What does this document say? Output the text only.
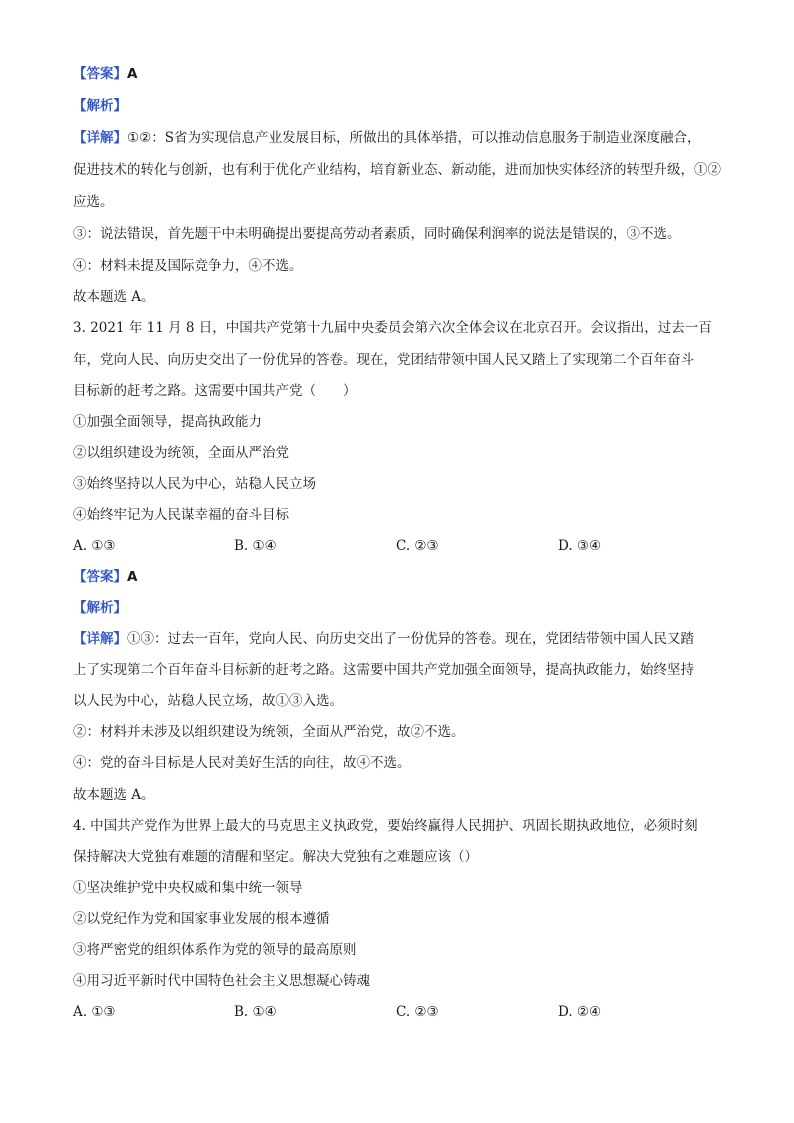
【答案】A
【解析】
【详解】①②：S省为实现信息产业发展目标，所做出的具体举措，可以推动信息服务于制造业深度融合，
促进技术的转化与创新，也有利于优化产业结构，培育新业态、新动能，进而加快实体经济的转型升级，①②
应选。
③：说法错误，首先题干中未明确提出要提高劳动者素质，同时确保利润率的说法是错误的，③不选。
④：材料未提及国际竞争力，④不选。
故本题选 A。
3. 2021 年 11 月 8 日，中国共产党第十九届中央委员会第六次全体会议在北京召开。会议指出，过去一百
年，党向人民、向历史交出了一份优异的答卷。现在，党团结带领中国人民又踏上了实现第二个百年奋斗
目标新的赶考之路。这需要中国共产党（　　）
①加强全面领导，提高执政能力
②以组织建设为统领，全面从严治党
③始终坚持以人民为中心，站稳人民立场
④始终牢记为人民谋幸福的奋斗目标
A. ①③	B. ①④	C. ②③	D. ③④
【答案】A
【解析】
【详解】①③：过去一百年，党向人民、向历史交出了一份优异的答卷。现在，党团结带领中国人民又踏
上了实现第二个百年奋斗目标新的赶考之路。这需要中国共产党加强全面领导，提高执政能力，始终坚持
以人民为中心，站稳人民立场，故①③入选。
②：材料并未涉及以组织建设为统领，全面从严治党，故②不选。
④：党的奋斗目标是人民对美好生活的向往，故④不选。
故本题选 A。
4. 中国共产党作为世界上最大的马克思主义执政党，要始终赢得人民拥护、巩固长期执政地位，必须时刻
保持解决大党独有难题的清醒和坚定。解决大党独有之难题应该（）
①坚决维护党中央权威和集中统一领导
②以党纪作为党和国家事业发展的根本遵循
③将严密党的组织体系作为党的领导的最高原则
④用习近平新时代中国特色社会主义思想凝心铸魂
A. ①③	B. ①④	C. ②③	D. ②④
